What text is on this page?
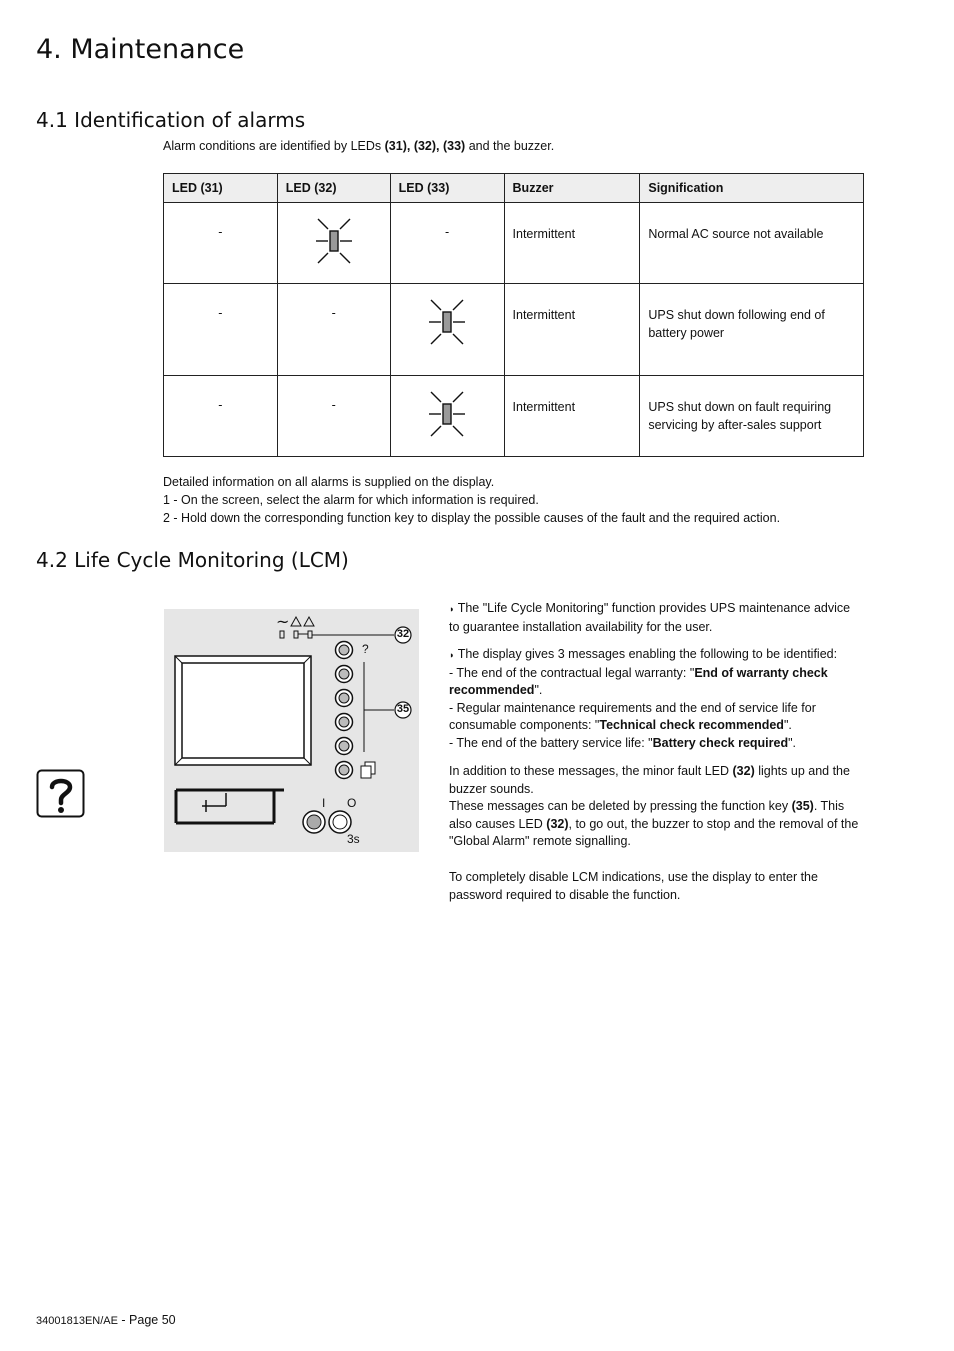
4. Maintenance
4.1 Identification of alarms
Alarm conditions are identified by LEDs (31), (32), (33) and the buzzer.
LED (31)	LED (32)	LED (33)	Buzzer	Signification
-		-	Intermittent	Normal AC source not available
-	-		Intermittent	UPS shut down following end of
battery power
-	-		Intermittent	UPS shut down on fault requiring
servicing by after-sales support
Detailed information on all alarms is supplied on the display.
1 - On the screen, select the alarm for which information is required.
2 - Hold down the corresponding function key to display the possible causes of the fault and the required action.
4.2 Life Cycle Monitoring (LCM)
~
32
35
?
I O
3s

◗ The "Life Cycle Monitoring" function provides UPS maintenance advice

to guarantee installation availability for the user.

◗ The display gives 3 messages enabling the following to be identified:

- The end of the contractual legal warranty: "End of warranty check

recommended".

- Regular maintenance requirements and the end of service life for

consumable components: "Technical check recommended".

- The end of the battery service life: "Battery check required".

In addition to these messages, the minor fault LED (32) lights up and the

buzzer sounds.

These messages can be deleted by pressing the function key (35). This

also causes LED (32), to go out, the buzzer to stop and the removal of the

"Global Alarm" remote signalling.

To completely disable LCM indications, use the display to enter the

password required to disable the function.

34001813EN/AE - Page 50
